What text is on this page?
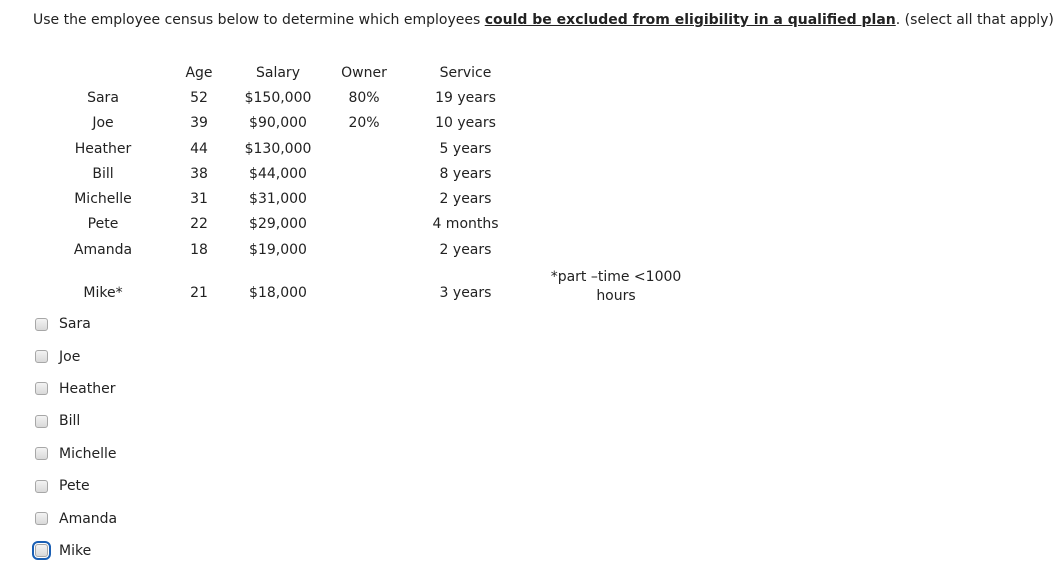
Use the employee census below to determine which employees could be excluded from eligibility in a qualified plan. (select all that apply)
	Age	Salary	Owner	Service	
Sara	52	$150,000	80%	19 years	
Joe	39	$90,000	20%	10 years	
Heather	44	$130,000		5 years	
Bill	38	$44,000		8 years	
Michelle	31	$31,000		2 years	
Pete	22	$29,000		4 months	
Amanda	18	$19,000		2 years	
Mike*	21	$18,000		3 years	*part –time <1000
hours
Sara
Joe
Heather
Bill
Michelle
Pete
Amanda
Mike
